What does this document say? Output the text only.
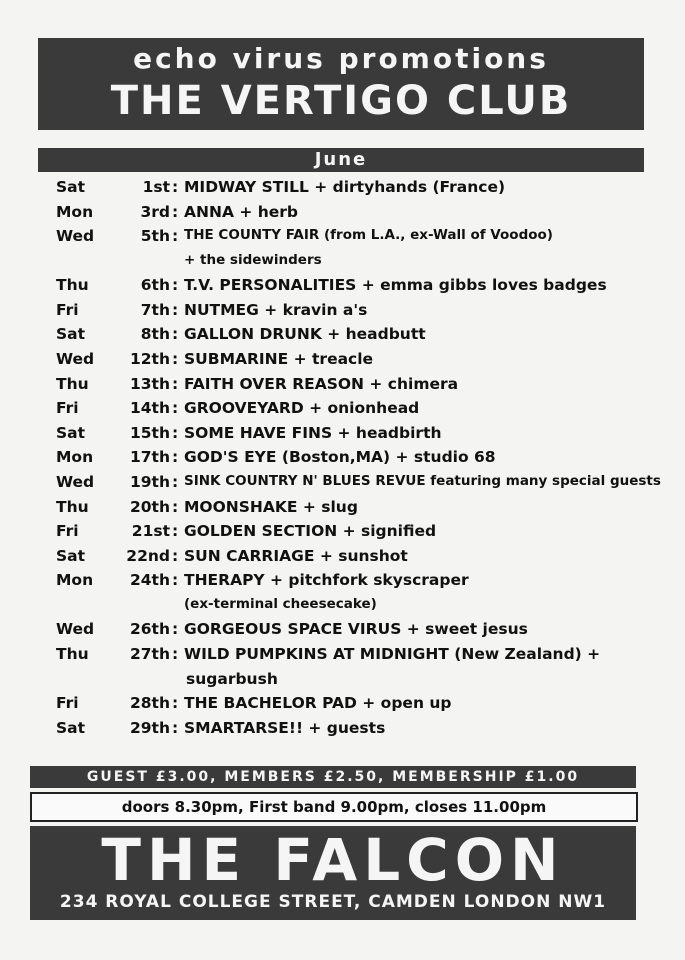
echo virus promotions
THE VERTIGO CLUB
June
Sat	1st : MIDWAY STILL + dirtyhands (France)
Mon	3rd : ANNA + herb
Wed	5th : THE COUNTY FAIR (from L.A., ex-Wall of Voodoo)
+ the sidewinders
Thu	6th : T.V. PERSONALITIES + emma gibbs loves badges
Fri	7th : NUTMEG + kravin a's
Sat	8th : GALLON DRUNK + headbutt
Wed	12th : SUBMARINE + treacle
Thu	13th : FAITH OVER REASON + chimera
Fri	14th : GROOVEYARD + onionhead
Sat	15th : SOME HAVE FINS + headbirth
Mon	17th : GOD'S EYE (Boston,MA) + studio 68
Wed	19th : SINK COUNTRY N' BLUES REVUE featuring many special guests
Thu	20th : MOONSHAKE + slug
Fri	21st : GOLDEN SECTION + signified
Sat	22nd : SUN CARRIAGE + sunshot
Mon	24th : THERAPY + pitchfork skyscraper
(ex-terminal cheesecake)
Wed	26th : GORGEOUS SPACE VIRUS + sweet jesus
Thu	27th : WILD PUMPKINS AT MIDNIGHT (New Zealand) +
sugarbush
Fri	28th : THE BACHELOR PAD + open up
Sat	29th : SMARTARSE!! + guests
GUEST £3.00, MEMBERS £2.50, MEMBERSHIP £1.00
doors 8.30pm, First band 9.00pm, closes 11.00pm
THE FALCON
234 ROYAL COLLEGE STREET, CAMDEN LONDON NW1
